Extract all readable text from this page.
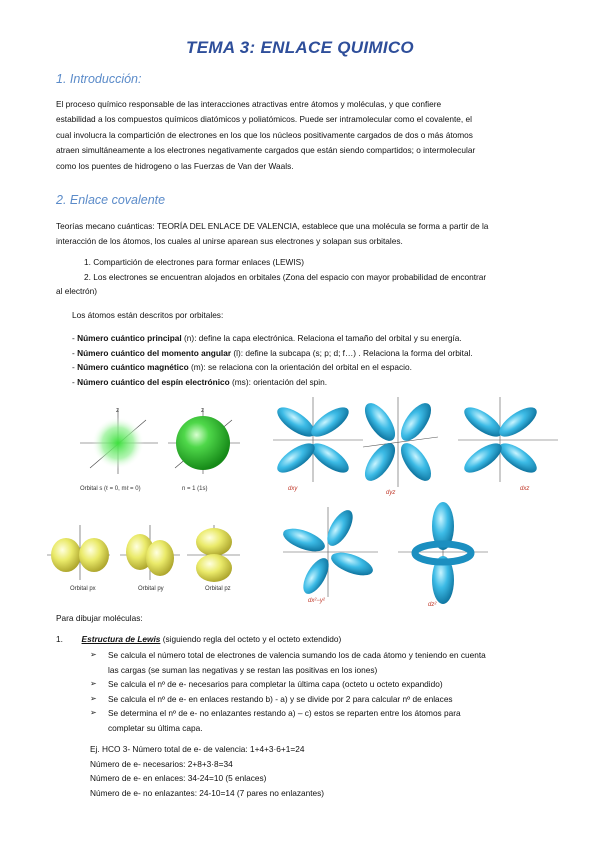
TEMA 3: ENLACE QUIMICO
1. Introducción:
El proceso químico responsable de las interacciones atractivas entre átomos y moléculas, y que confiere
estabilidad a los compuestos químicos diatómicos y poliatómicos. Puede ser intramolecular como el covalente, el
cual involucra la compartición de electrones en los que los núcleos positivamente cargados de dos o más átomos
atraen simultáneamente a los electrones negativamente cargados que están siendo compartidos; o intermolecular
como los puentes de hidrogeno o las Fuerzas de Van der Waals.
2. Enlace covalente
Teorías mecano cuánticas: TEORÍA DEL ENLACE DE VALENCIA, establece que una molécula se forma a partir de la
interacción de los átomos, los cuales al unirse aparean sus electrones y solapan sus orbitales.
1. Compartición de electrones para formar enlaces (LEWIS)
2. Los electrones se encuentran alojados en orbitales (Zona del espacio con mayor probabilidad de encontrar
al electrón)
Los átomos están descritos por orbitales:
- Número cuántico principal (n): define la capa electrónica. Relaciona el tamaño del orbital y su energía.
- Número cuántico del momento angular (l): define la subcapa (s; p; d; f…) . Relaciona la forma del orbital.
- Número cuántico magnético (m): se relaciona con la orientación del orbital en el espacio.
- Número cuántico del espín electrónico (ms): orientación del spin.
z	z
Orbital s (ℓ = 0, mℓ = 0)	n = 1 (1s)
Orbital px	Orbital py	Orbital pz
dxy
dyz
dxz
dx²−y²
dz²
Para dibujar moléculas:
1. Estructura de Lewis (siguiendo regla del octeto y el octeto extendido)
➢	Se calcula el número total de electrones de valencia sumando los de cada átomo y teniendo en cuenta
las cargas (se suman las negativas y se restan las positivas en los iones)
➢	Se calcula el nº de e- necesarios para completar la última capa (octeto u octeto expandido)
➢	Se calcula el nº de e- en enlaces restando b) - a) y se divide por 2 para calcular nº de enlaces
➢	Se determina el nº de e- no enlazantes restando a) – c) estos se reparten entre los átomos para
completar su última capa.
Ej. HCO 3- Número total de e- de valencia: 1+4+3·6+1=24
Número de e- necesarios: 2+8+3·8=34
Número de e- en enlaces: 34-24=10 (5 enlaces)
Número de e- no enlazantes: 24-10=14 (7 pares no enlazantes)
